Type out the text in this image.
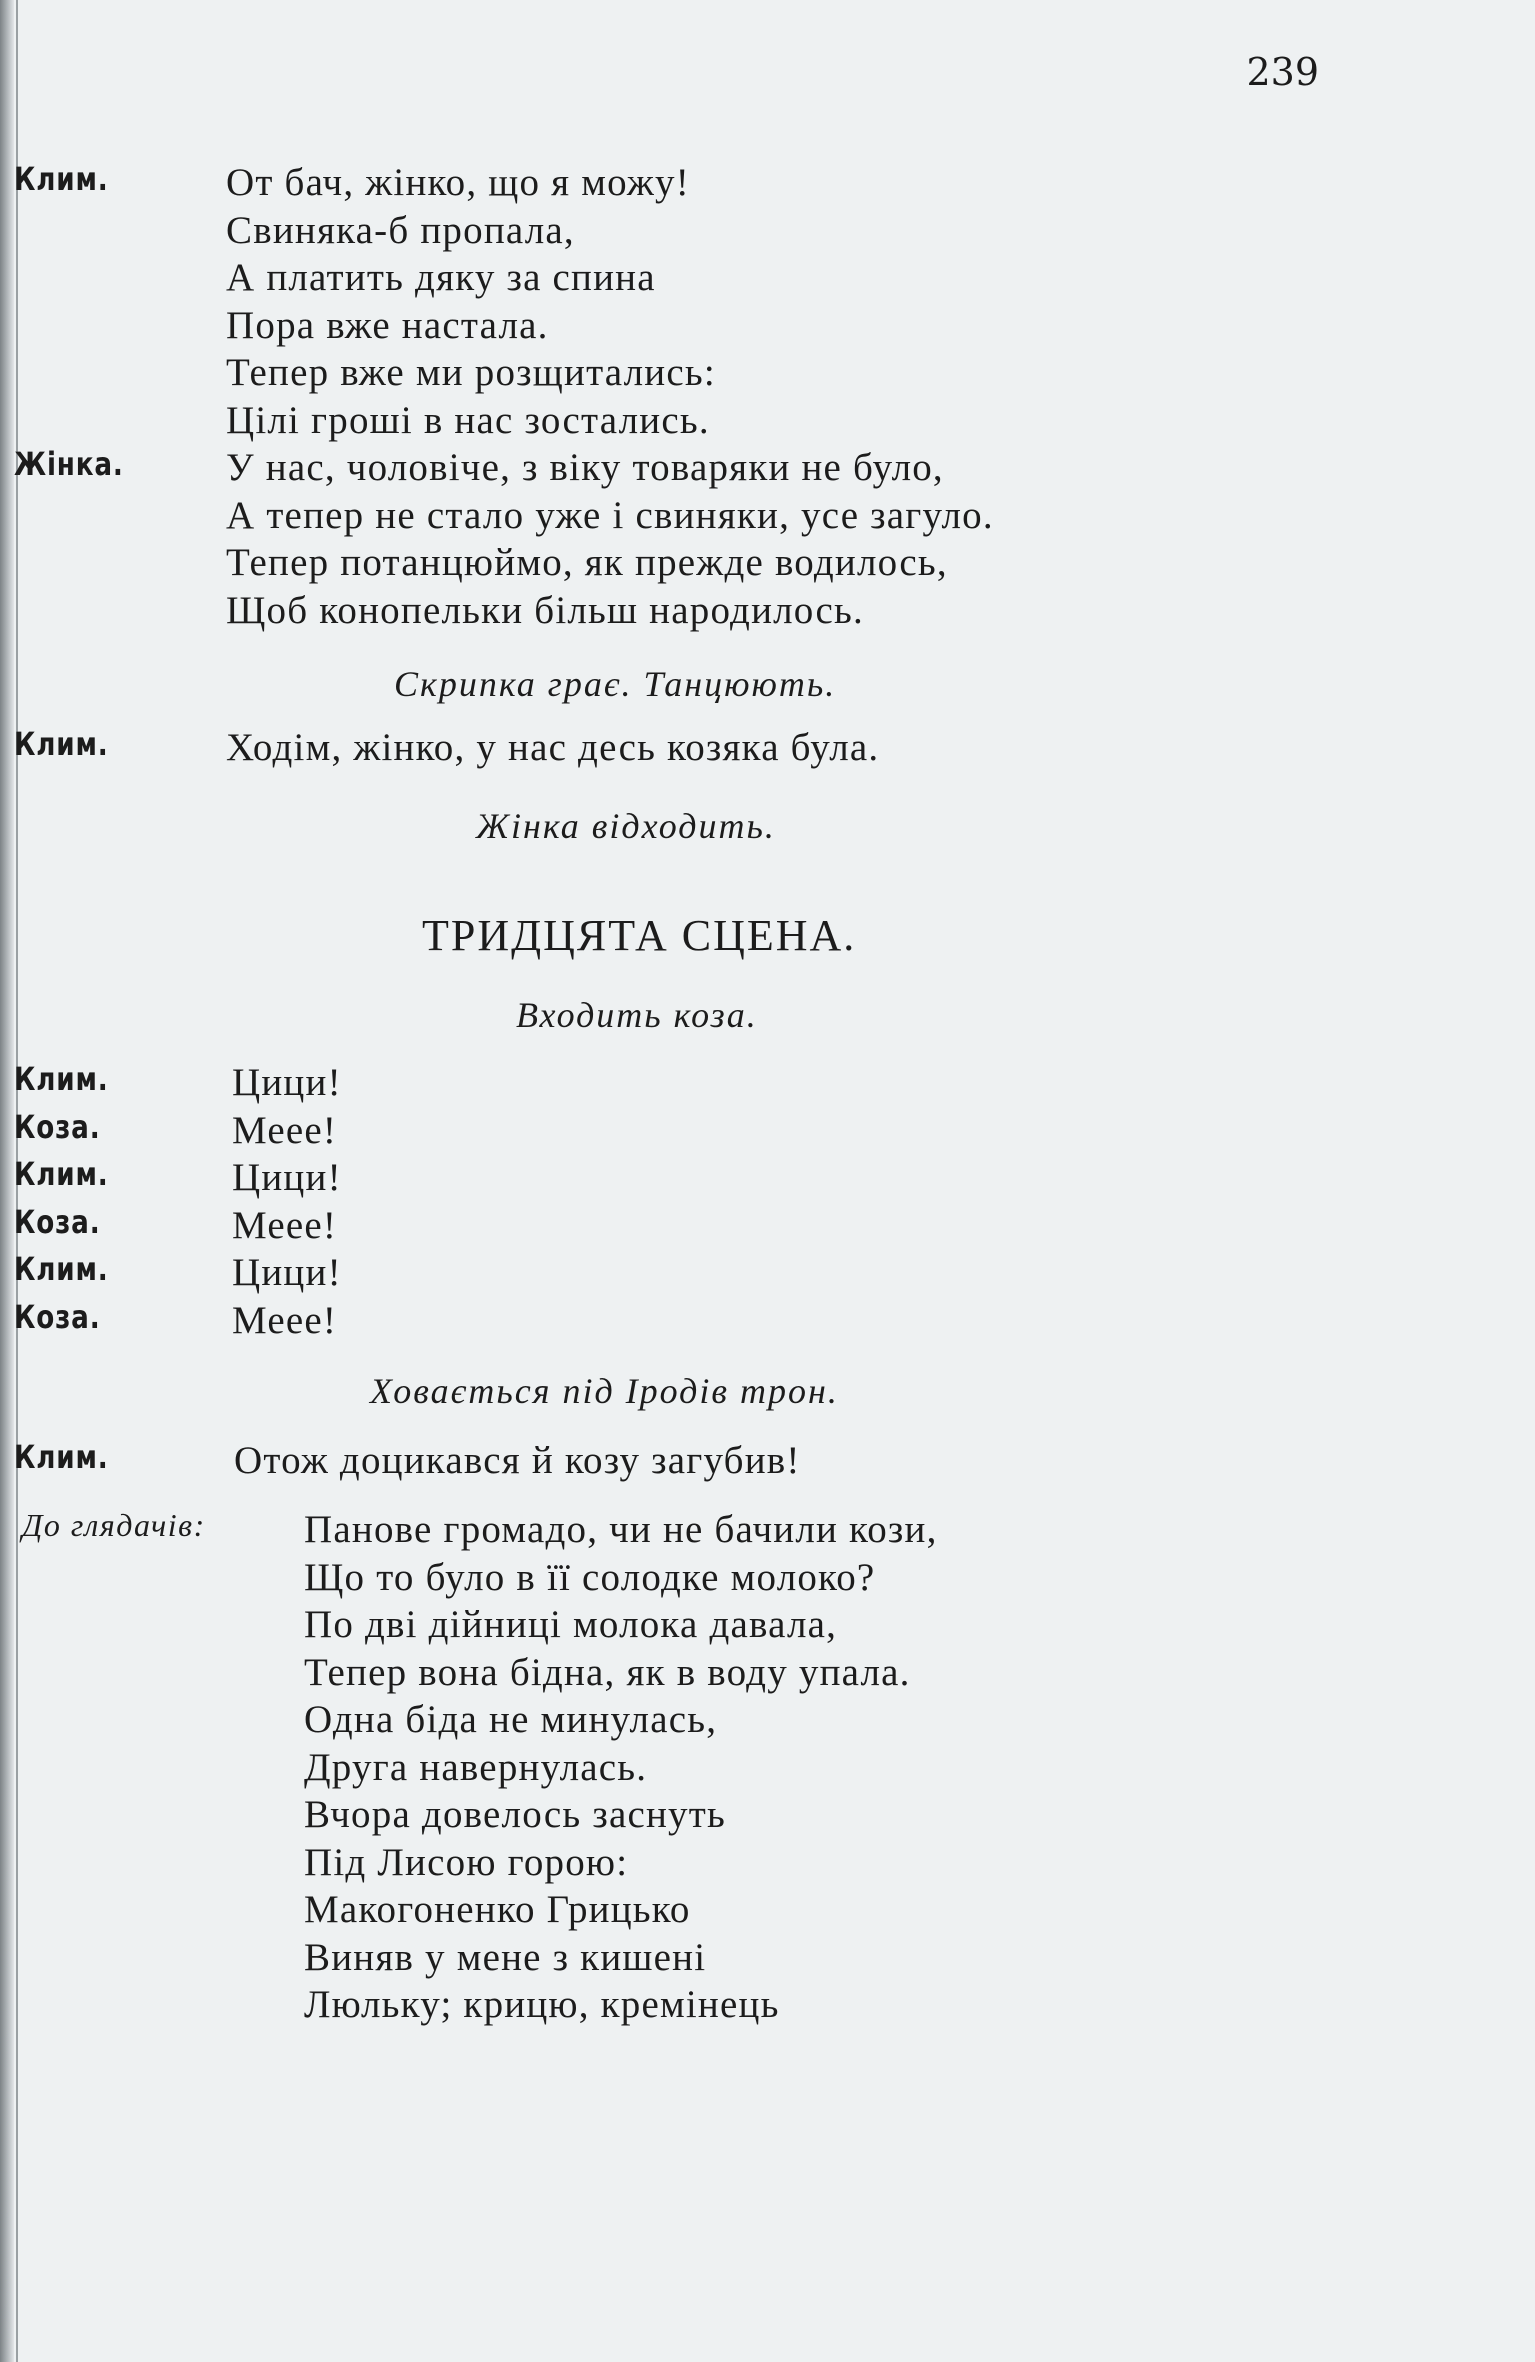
239
Клим.	От бач, жінко, що я можу!
Свиняка-б пропала,
А платить дяку за спина
Пора вже настала.
Тепер вже ми розщитались:
Цілі гроші в нас зостались.
Жінка.	У нас, чоловіче, з віку товаряки не було,
А тепер не стало уже і свиняки, усе загуло.
Тепер потанцюймо, як прежде водилось,
Щоб конопельки більш народилось.
Скрипка грає. Танцюють.
Клим.	Ходім, жінко, у нас десь козяка була.
Жінка відходить.
ТРИДЦЯТА СЦЕНА.
Входить коза.
Клим.	Цици!
Коза.	Мееe!
Клим.	Цици!
Коза.	Мееe!
Клим.	Цици!
Коза.	Мееe!
Ховається під Іродів трон.
Клим.	Отож доцикався й козу загубив!
До глядачів:	Панове громадо, чи не бачили кози,
Що то було в її солодке молоко?
По дві дійниці молока давала,
Тепер вона бідна, як в воду упала.
Одна біда не минулась,
Друга навернулась.
Вчора довелось заснуть
Під Лисою горою:
Макогоненко Грицько
Виняв у мене з кишені
Люльку; крицю, кремінець
